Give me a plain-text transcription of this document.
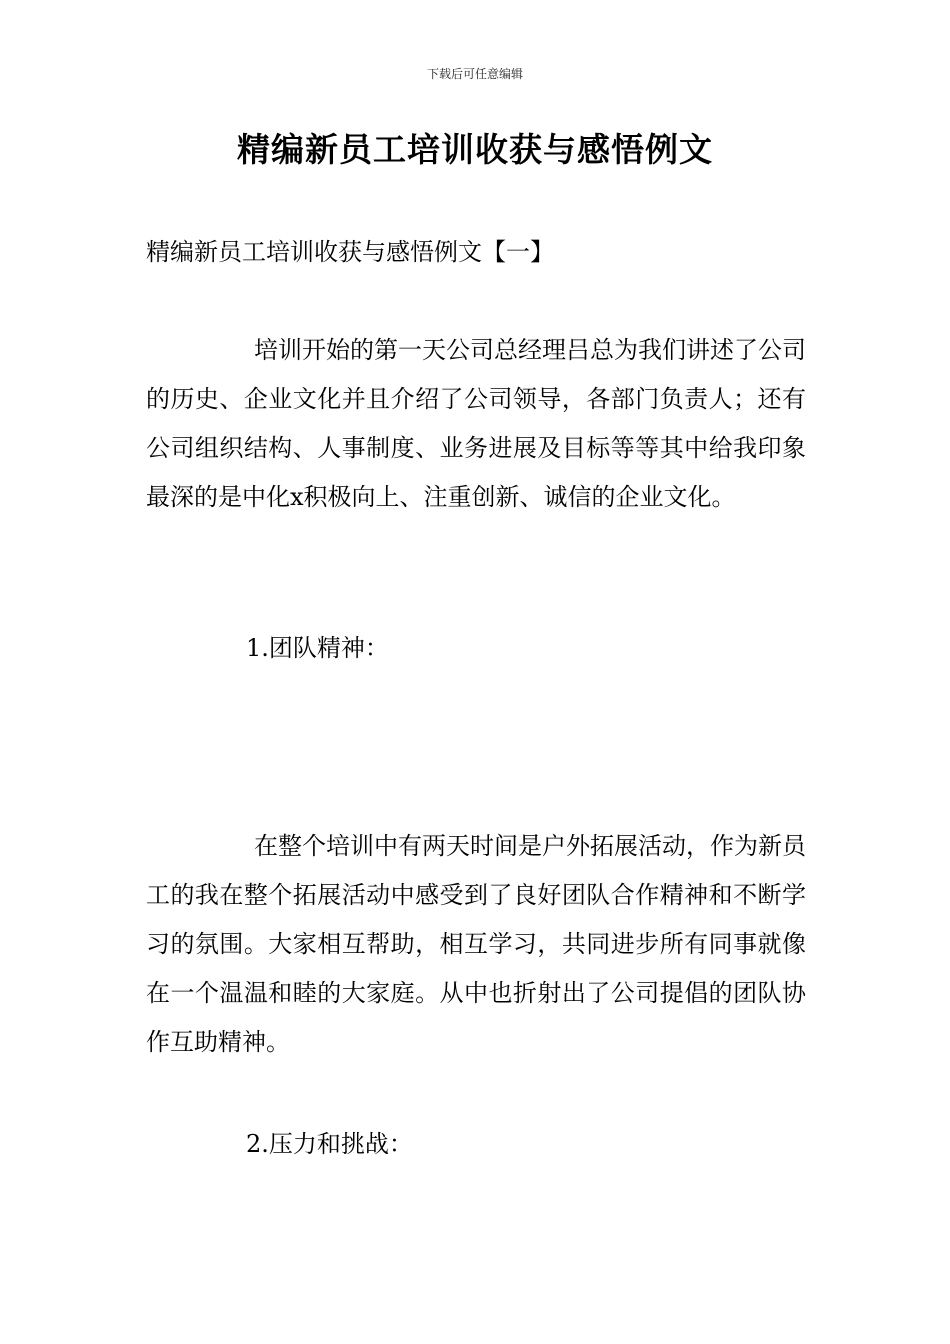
下载后可任意编辑
精编新员工培训收获与感悟例文

精编新员工培训收获与感悟例文【一】

培训开始的第一天公司总经理吕总为我们讲述了公司的历史、企业文化并且介绍了公司领导，各部门负责人；还有公司组织结构、人事制度、业务进展及目标等等其中给我印象最深的是中化x积极向上、注重创新、诚信的企业文化。

1.团队精神：

在整个培训中有两天时间是户外拓展活动，作为新员工的我在整个拓展活动中感受到了良好团队合作精神和不断学习的氛围。大家相互帮助，相互学习，共同进步所有同事就像在一个温温和睦的大家庭。从中也折射出了公司提倡的团队协作互助精神。

2.压力和挑战：
